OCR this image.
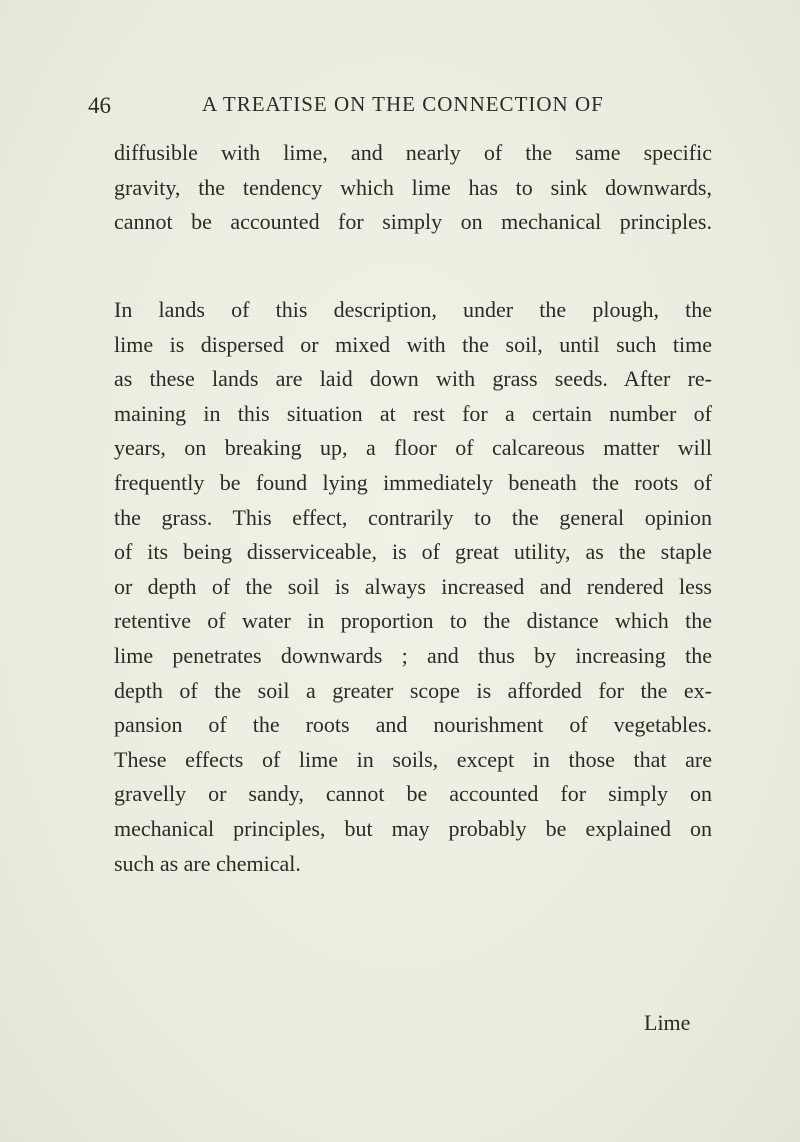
46	A TREATISE ON THE CONNECTION OF
diffusible with lime, and nearly of the same specific
gravity, the tendency which lime has to sink downwards,
cannot be accounted for simply on mechanical principles.
In lands of this description, under the plough, the
lime is dispersed or mixed with the soil, until such time
as these lands are laid down with grass seeds. After re-
maining in this situation at rest for a certain number of
years, on breaking up, a floor of calcareous matter will
frequently be found lying immediately beneath the roots of
the grass. This effect, contrarily to the general opinion
of its being disserviceable, is of great utility, as the staple
or depth of the soil is always increased and rendered less
retentive of water in proportion to the distance which the
lime penetrates downwards ; and thus by increasing the
depth of the soil a greater scope is afforded for the ex-
pansion of the roots and nourishment of vegetables.
These effects of lime in soils, except in those that are
gravelly or sandy, cannot be accounted for simply on
mechanical principles, but may probably be explained on
such as are chemical.
Lime
